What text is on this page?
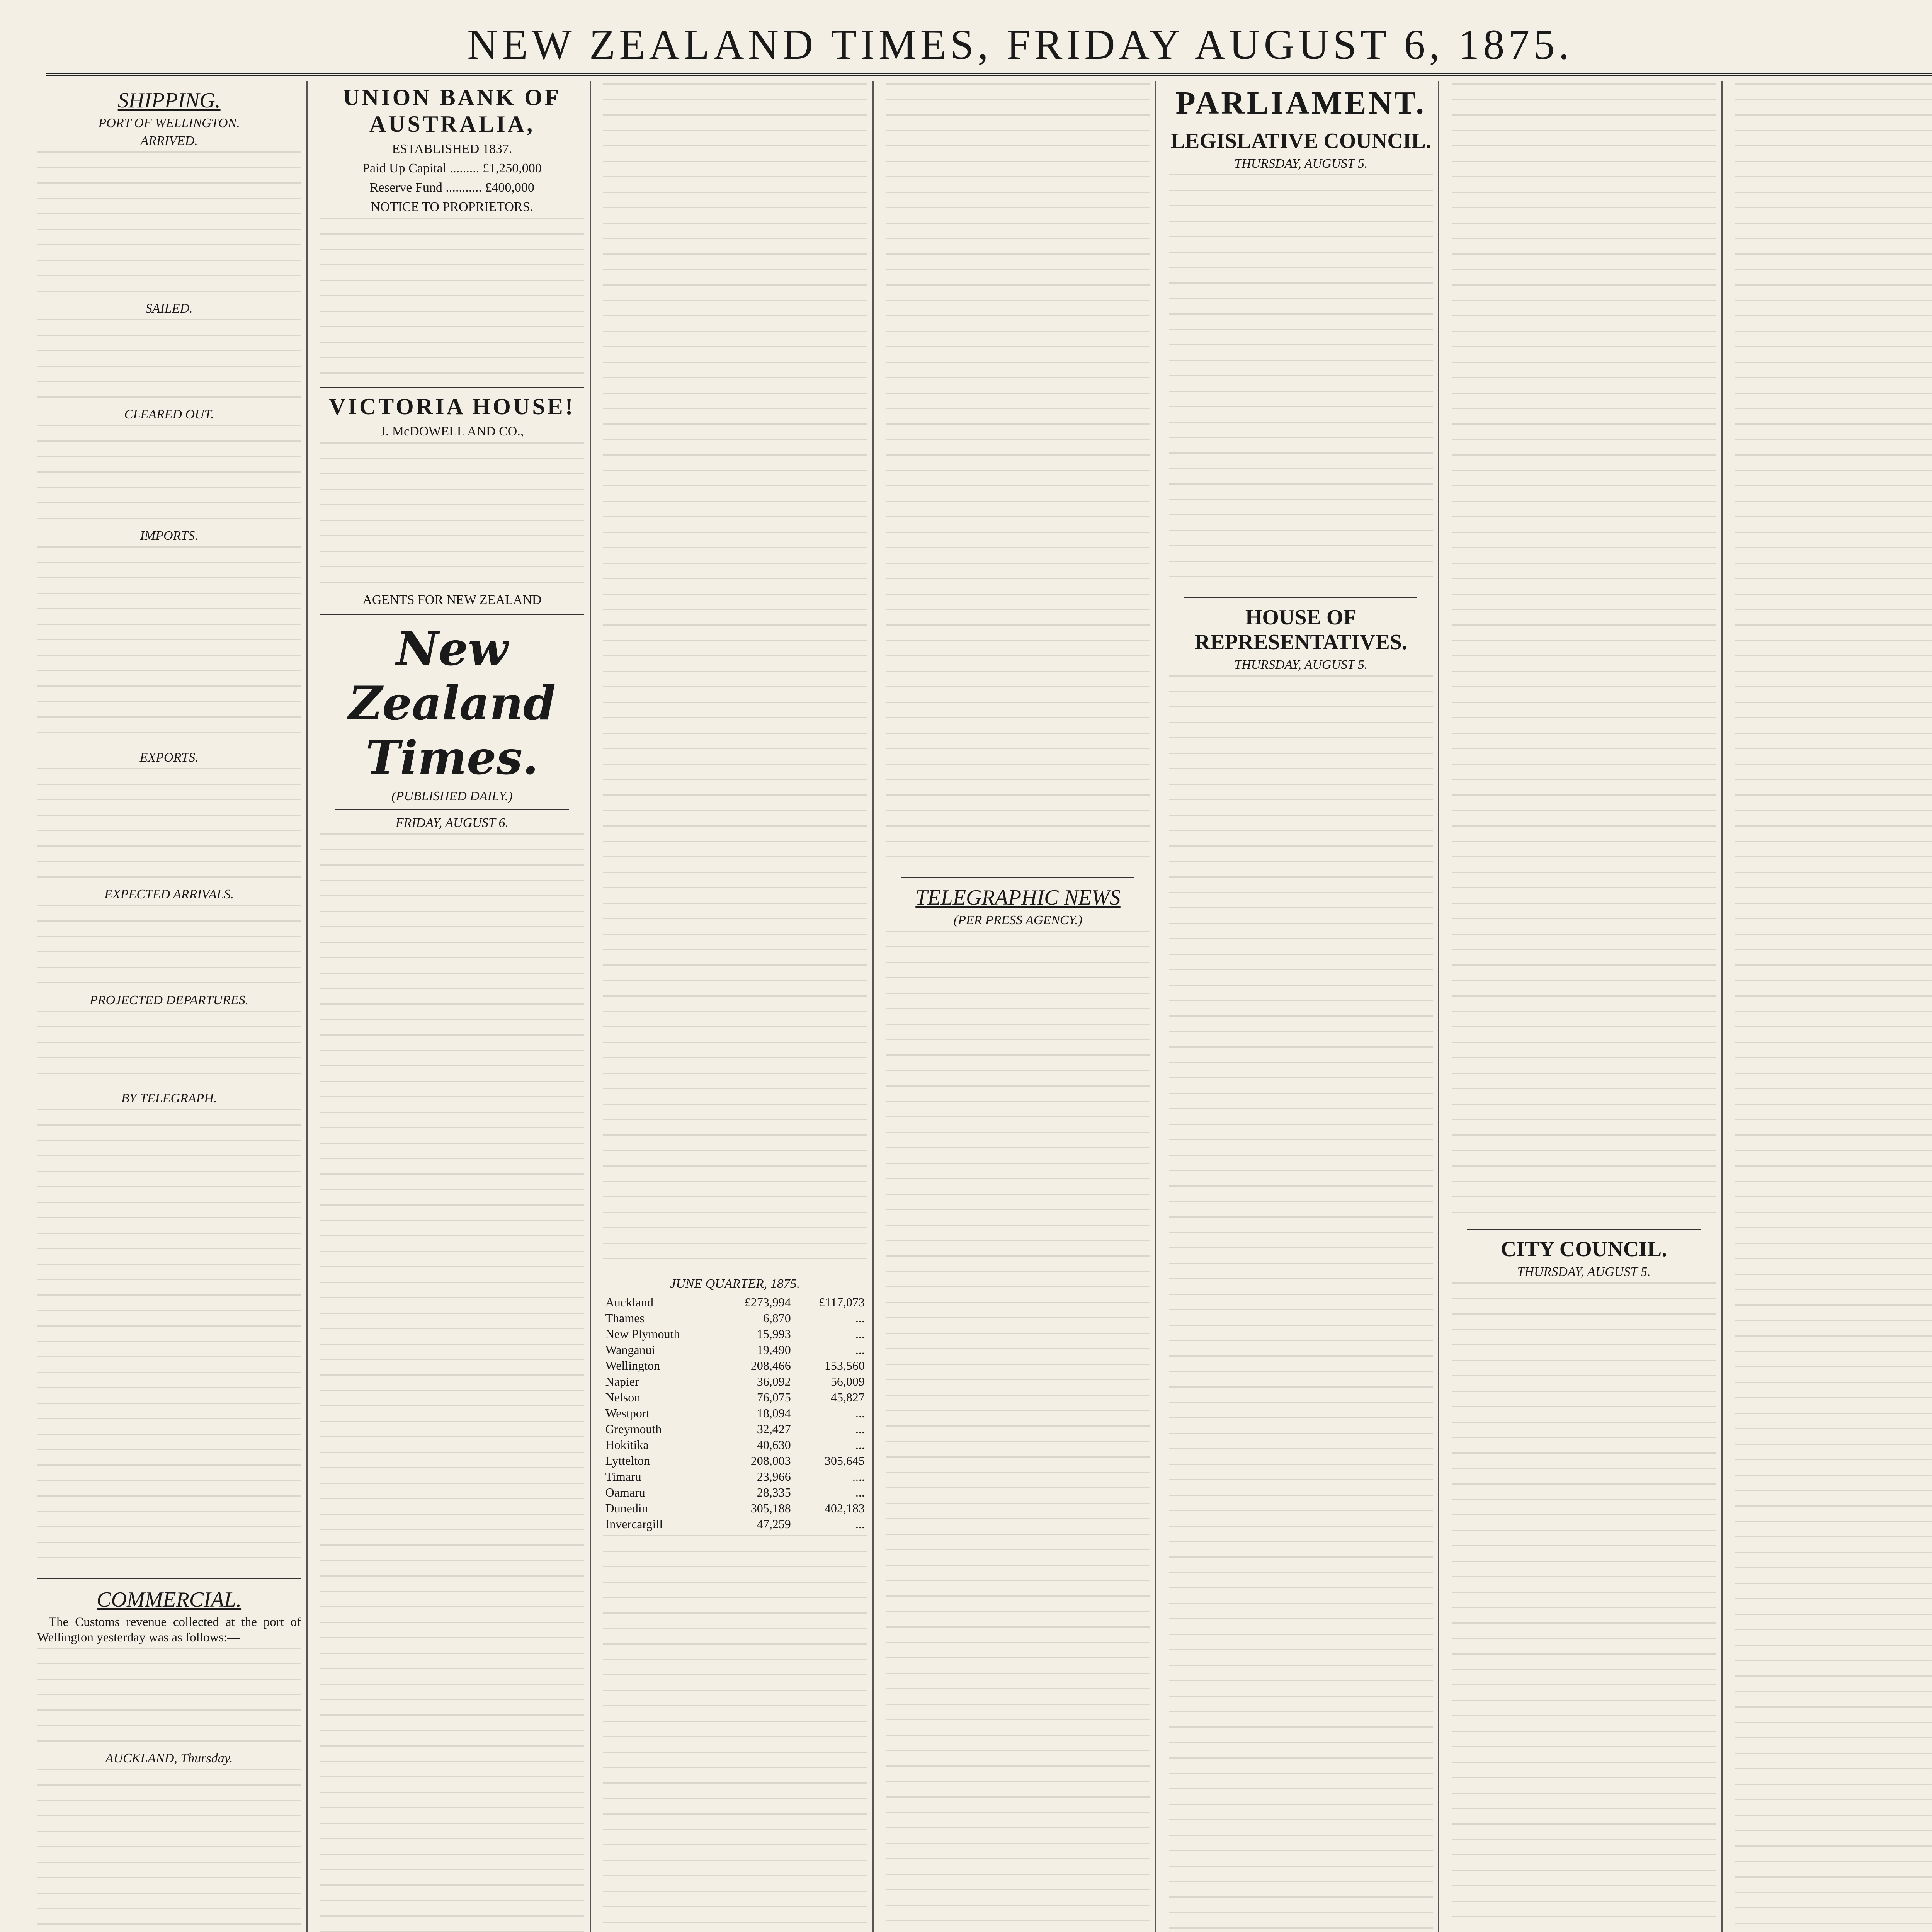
NEW ZEALAND TIMES, FRIDAY AUGUST 6, 1875.
SHIPPING.
PORT OF WELLINGTON.
ARRIVED.
SAILED.
CLEARED OUT.
IMPORTS.
EXPORTS.
EXPECTED ARRIVALS.
PROJECTED DEPARTURES.
BY TELEGRAPH.
COMMERCIAL.

The Customs revenue collected at the port of Wellington yesterday was as follows:—

AUCKLAND, Thursday.
UNION BANK OF AUSTRALIA,
ESTABLISHED 1837.
Paid Up Capital ......... £1,250,000
Reserve Fund ........... £400,000
NOTICE TO PROPRIETORS.
VICTORIA HOUSE!
J. McDOWELL AND CO.,
AGENTS FOR NEW ZEALAND
New Zealand Times.
(PUBLISHED DAILY.)
FRIDAY, AUGUST 6.
JUNE QUARTER, 1875.
Auckland	£273,994	£117,073
Thames	6,870	...
New Plymouth	15,993	...
Wanganui	19,490	...
Wellington	208,466	153,560
Napier	36,092	56,009
Nelson	76,075	45,827
Westport	18,094	...
Greymouth	32,427	...
Hokitika	40,630	...
Lyttelton	208,003	305,645
Timaru	23,966	....
Oamaru	28,335	...
Dunedin	305,188	402,183
Invercargill	47,259	...
TELEGRAPHIC NEWS
(PER PRESS AGENCY.)
PARLIAMENT.
LEGISLATIVE COUNCIL.
THURSDAY, AUGUST 5.
HOUSE OF REPRESENTATIVES.
THURSDAY, AUGUST 5.
CITY COUNCIL.
THURSDAY, AUGUST 5.
